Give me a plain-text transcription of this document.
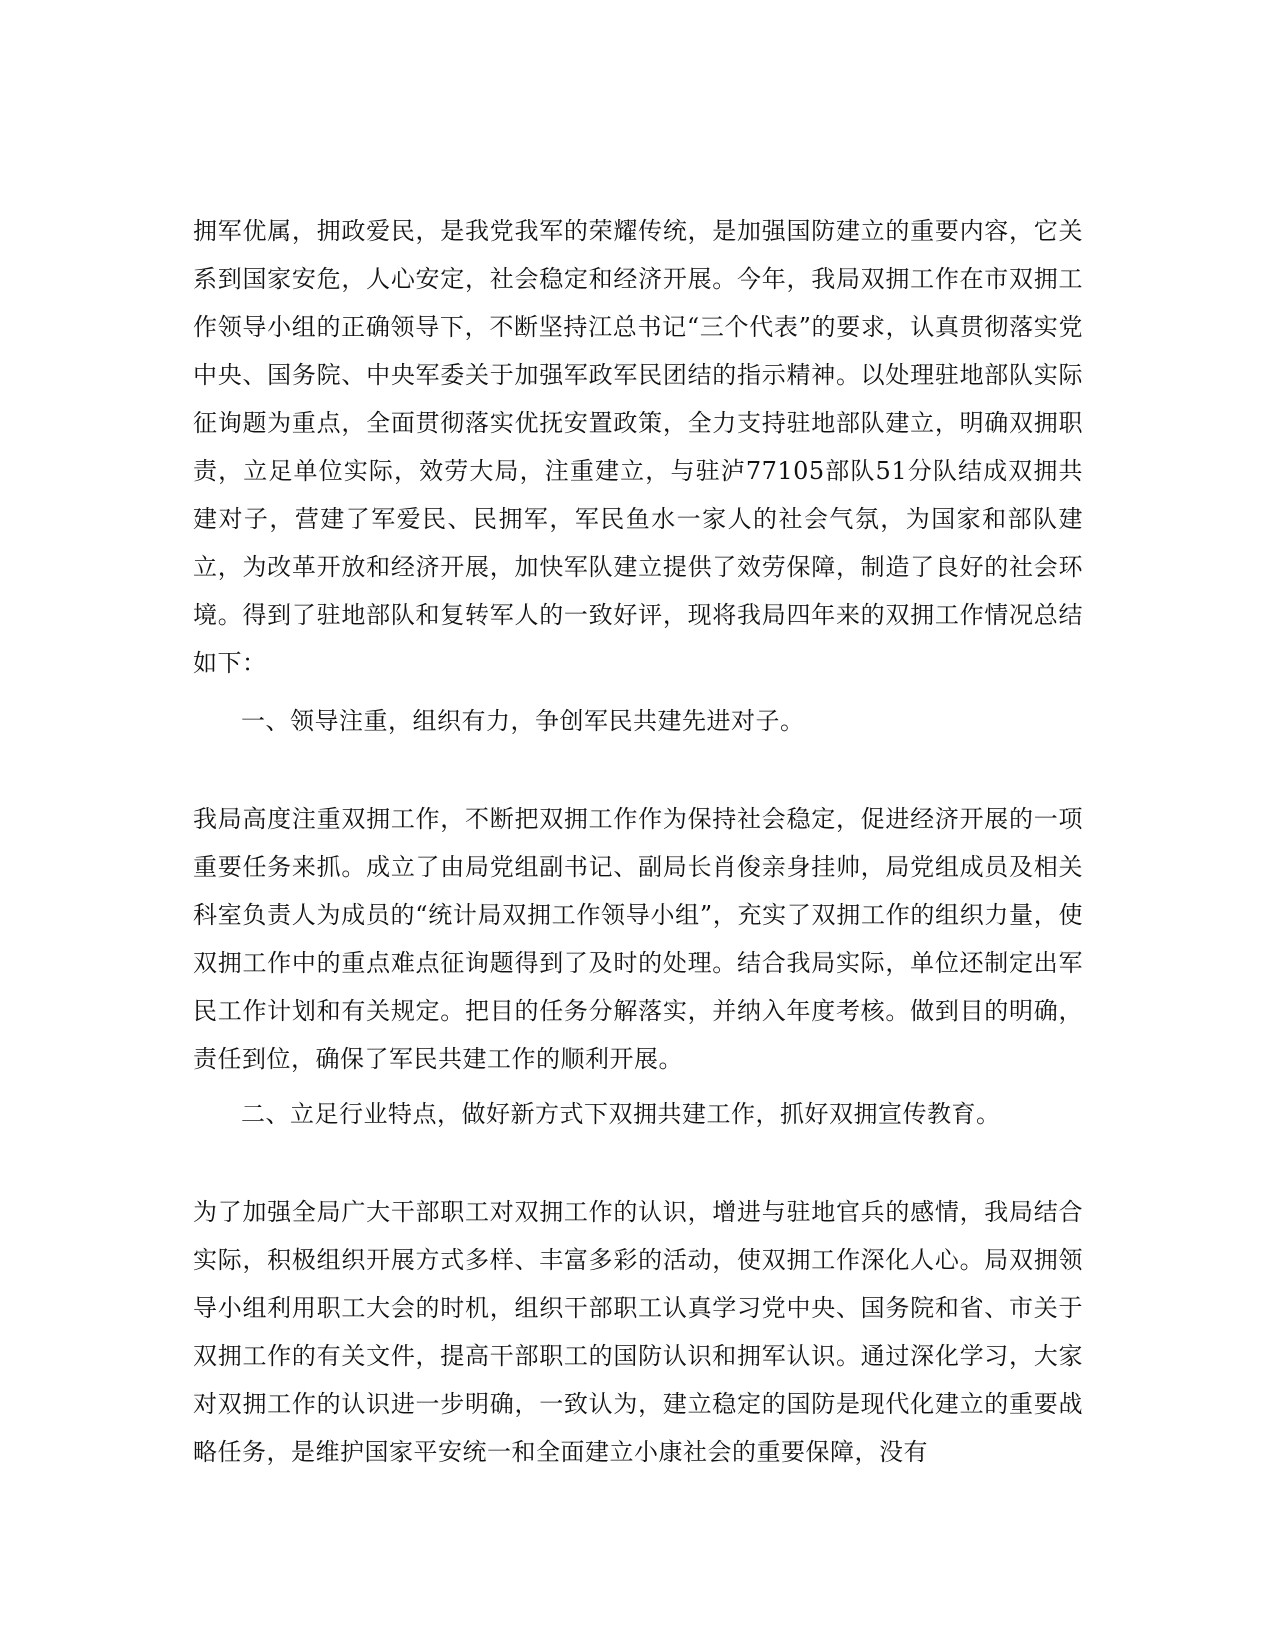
拥军优属，拥政爱民，是我党我军的荣耀传统，是加强国防建立的重要内容，它关系到国家安危，人心安定，社会稳定和经济开展。今年，我局双拥工作在市双拥工作领导小组的正确领导下，不断坚持江总书记“三个代表”的要求，认真贯彻落实党中央、国务院、中央军委关于加强军政军民团结的指示精神。以处理驻地部队实际征询题为重点，全面贯彻落实优抚安置政策，全力支持驻地部队建立，明确双拥职责，立足单位实际，效劳大局，注重建立，与驻泸77105部队51分队结成双拥共建对子，营建了军爱民、民拥军，军民鱼水一家人的社会气氛，为国家和部队建立，为改革开放和经济开展，加快军队建立提供了效劳保障，制造了良好的社会环境。得到了驻地部队和复转军人的一致好评，现将我局四年来的双拥工作情况总结如下：
一、领导注重，组织有力，争创军民共建先进对子。
我局高度注重双拥工作，不断把双拥工作作为保持社会稳定，促进经济开展的一项重要任务来抓。成立了由局党组副书记、副局长肖俊亲身挂帅，局党组成员及相关科室负责人为成员的“统计局双拥工作领导小组”，充实了双拥工作的组织力量，使双拥工作中的重点难点征询题得到了及时的处理。结合我局实际，单位还制定出军民工作计划和有关规定。把目的任务分解落实，并纳入年度考核。做到目的明确，责任到位，确保了军民共建工作的顺利开展。
二、立足行业特点，做好新方式下双拥共建工作，抓好双拥宣传教育。
为了加强全局广大干部职工对双拥工作的认识，增进与驻地官兵的感情，我局结合实际，积极组织开展方式多样、丰富多彩的活动，使双拥工作深化人心。局双拥领导小组利用职工大会的时机，组织干部职工认真学习党中央、国务院和省、市关于双拥工作的有关文件，提高干部职工的国防认识和拥军认识。通过深化学习，大家对双拥工作的认识进一步明确，一致认为，建立稳定的国防是现代化建立的重要战略任务，是维护国家平安统一和全面建立小康社会的重要保障，没有
